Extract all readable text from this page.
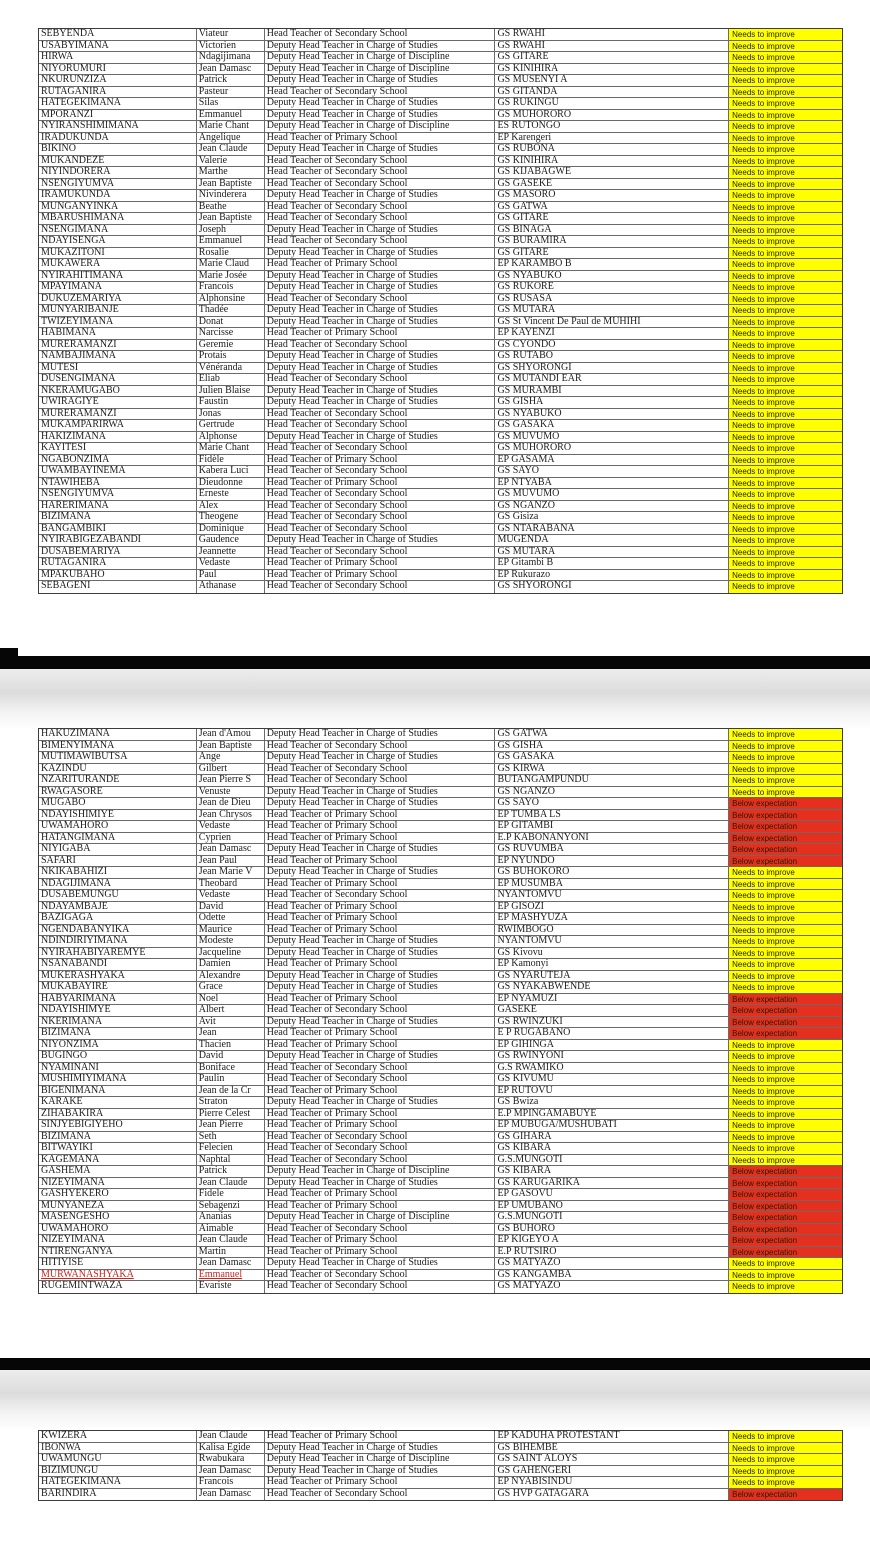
SEBYENDA	Viateur	Head Teacher of Secondary School	GS RWAHI	Needs to improve
USABYIMANA	Victorien	Deputy Head Teacher in Charge of Studies	GS RWAHI	Needs to improve
HIRWA	Ndagijimana	Deputy Head Teacher in Charge of Discipline	GS GITARE	Needs to improve
NIYORUMURI	Jean Damasc	Deputy Head Teacher in Charge of Discipline	GS KINIHIRA	Needs to improve
NKURUNZIZA	Patrick	Deputy Head Teacher in Charge of Studies	GS MUSENYI A	Needs to improve
RUTAGANIRA	Pasteur	Head Teacher of Secondary School	GS GITANDA	Needs to improve
HATEGEKIMANA	Silas	Deputy Head Teacher in Charge of Studies	GS RUKINGU	Needs to improve
MPORANZI	Emmanuel	Deputy Head Teacher in Charge of Studies	GS MUHORORO	Needs to improve
NYIRANSHIMIMANA	Marie Chant	Deputy Head Teacher in Charge of Discipline	ES RUTONGO	Needs to improve
IRADUKUNDA	Angelique	Head Teacher of Primary School	EP Karengeri	Needs to improve
BIKINO	Jean Claude	Deputy Head Teacher in Charge of Studies	GS RUBONA	Needs to improve
MUKANDEZE	Valerie	Head Teacher of Secondary School	GS KINIHIRA	Needs to improve
NIYINDORERA	Marthe	Head Teacher of Secondary School	GS KIJABAGWE	Needs to improve
NSENGIYUMVA	Jean Baptiste	Head Teacher of Secondary School	GS GASEKE	Needs to improve
IRAMUKUNDA	Nivinderera	Deputy Head Teacher in Charge of Studies	GS MASORO	Needs to improve
MUNGANYINKA	Beathe	Head Teacher of Secondary School	GS GATWA	Needs to improve
MBARUSHIMANA	Jean Baptiste	Head Teacher of Secondary School	GS GITARE	Needs to improve
NSENGIMANA	Joseph	Deputy Head Teacher in Charge of Studies	GS BINAGA	Needs to improve
NDAYISENGA	Emmanuel	Head Teacher of Secondary School	GS BURAMIRA	Needs to improve
MUKAZITONI	Rosalie	Deputy Head Teacher in Charge of Studies	GS GITARE	Needs to improve
MUKAWERA	Marie Claud	Head Teacher of Primary School	EP KARAMBO B	Needs to improve
NYIRAHITIMANA	Marie Josée	Deputy Head Teacher in Charge of Studies	GS NYABUKO	Needs to improve
MPAYIMANA	Francois	Deputy Head Teacher in Charge of Studies	GS RUKORE	Needs to improve
DUKUZEMARIYA	Alphonsine	Head Teacher of Secondary School	GS RUSASA	Needs to improve
MUNYARIBANJE	Thadée	Deputy Head Teacher in Charge of Studies	GS MUTARA	Needs to improve
TWIZEYIMANA	Donat	Deputy Head Teacher in Charge of Studies	GS St Vincent De Paul de MUHIHI	Needs to improve
HABIMANA	Narcisse	Head Teacher of Primary School	EP KAYENZI	Needs to improve
MURERAMANZI	Geremie	Head Teacher of Secondary School	GS CYONDO	Needs to improve
NAMBAJIMANA	Protais	Deputy Head Teacher in Charge of Studies	GS RUTABO	Needs to improve
MUTESI	Vénéranda	Deputy Head Teacher in Charge of Studies	GS SHYORONGI	Needs to improve
DUSENGIMANA	Eliab	Head Teacher of Secondary School	GS MUTANDI EAR	Needs to improve
NKERAMUGABO	Julien Blaise	Deputy Head Teacher in Charge of Studies	GS MURAMBI	Needs to improve
UWIRAGIYE	Faustin	Deputy Head Teacher in Charge of Studies	GS GISHA	Needs to improve
MURERAMANZI	Jonas	Head Teacher of Secondary School	GS NYABUKO	Needs to improve
MUKAMPARIRWA	Gertrude	Head Teacher of Secondary School	GS GASAKA	Needs to improve
HAKIZIMANA	Alphonse	Deputy Head Teacher in Charge of Studies	GS MUVUMO	Needs to improve
KAYITESI	Marie Chant	Head Teacher of Secondary School	GS MUHORORO	Needs to improve
NGABONZIMA	Fidèle	Head Teacher of Primary School	EP GASAMA	Needs to improve
UWAMBAYINEMA	Kabera Luci	Head Teacher of Secondary School	GS SAYO	Needs to improve
NTAWIHEBA	Dieudonne	Head Teacher of Primary School	EP NTYABA	Needs to improve
NSENGIYUMVA	Erneste	Head Teacher of Secondary School	GS MUVUMO	Needs to improve
HARERIMANA	Alex	Head Teacher of Secondary School	GS NGANZO	Needs to improve
BIZIMANA	Theogene	Head Teacher of Secondary School	GS Gisiza	Needs to improve
BANGAMBIKI	Dominique	Head Teacher of Secondary School	GS NTARABANA	Needs to improve
NYIRABIGEZABANDI	Gaudence	Deputy Head Teacher in Charge of Studies	MUGENDA	Needs to improve
DUSABEMARIYA	Jeannette	Head Teacher of Secondary School	GS MUTARA	Needs to improve
RUTAGANIRA	Vedaste	Head Teacher of Primary School	EP Gitambi B	Needs to improve
MPAKUBAHO	Paul	Head Teacher of Primary School	EP Rukurazo	Needs to improve
SEBAGENI	Athanase	Head Teacher of Secondary School	GS SHYORONGI	Needs to improve
HAKUZIMANA	Jean d'Amou	Deputy Head Teacher in Charge of Studies	GS GATWA	Needs to improve
BIMENYIMANA	Jean Baptiste	Head Teacher of Secondary School	GS GISHA	Needs to improve
MUTIMAWIBUTSA	Ange	Deputy Head Teacher in Charge of Studies	GS GASAKA	Needs to improve
KAZINDU	Gilbert	Head Teacher of Secondary School	GS KIRWA	Needs to improve
NZARITURANDE	Jean Pierre S	Head Teacher of Secondary School	BUTANGAMPUNDU	Needs to improve
RWAGASORE	Venuste	Deputy Head Teacher in Charge of Studies	GS NGANZO	Needs to improve
MUGABO	Jean de Dieu	Deputy Head Teacher in Charge of Studies	GS SAYO	Below expectation
NDAYISHIMIYE	Jean Chrysos	Head Teacher of Primary School	EP TUMBA LS	Below expectation
UWAMAHORO	Vedaste	Head Teacher of Primary School	EP GITAMBI	Below expectation
HATANGIMANA	Cyprien	Head Teacher of Primary School	E.P KABONANYONI	Below expectation
NIYIGABA	Jean Damasc	Deputy Head Teacher in Charge of Studies	GS RUVUMBA	Below expectation
SAFARI	Jean Paul	Head Teacher of Primary School	EP NYUNDO	Below expectation
NKIKABAHIZI	Jean Marie V	Deputy Head Teacher in Charge of Studies	GS BUHOKORO	Needs to improve
NDAGIJIMANA	Theobard	Head Teacher of Primary School	EP MUSUMBA	Needs to improve
DUSABEMUNGU	Vedaste	Head Teacher of Secondary School	NYANTOMVU	Needs to improve
NDAYAMBAJE	David	Head Teacher of Primary School	EP GISOZI	Needs to improve
BAZIGAGA	Odette	Head Teacher of Primary School	EP MASHYUZA	Needs to improve
NGENDABANYIKA	Maurice	Head Teacher of Primary School	RWIMBOGO	Needs to improve
NDINDIRIYIMANA	Modeste	Deputy Head Teacher in Charge of Studies	NYANTOMVU	Needs to improve
NYIRAHABIYAREMYE	Jacqueline	Deputy Head Teacher in Charge of Studies	GS Kivovu	Needs to improve
NSANABANDI	Damien	Head Teacher of Primary School	EP Kamonyi	Needs to improve
MUKERASHYAKA	Alexandre	Deputy Head Teacher in Charge of Studies	GS NYARUTEJA	Needs to improve
MUKABAYIRE	Grace	Deputy Head Teacher in Charge of Studies	GS NYAKABWENDE	Needs to improve
HABYARIMANA	Noel	Head Teacher of Primary School	EP NYAMUZI	Below expectation
NDAYISHIMYE	Albert	Head Teacher of Secondary School	GASEKE	Below expectation
NKERIMANA	Avit	Deputy Head Teacher in Charge of Studies	GS RWINZUKI	Below expectation
BIZIMANA	Jean	Head Teacher of Primary School	E P RUGABANO	Below expectation
NIYONZIMA	Thacien	Head Teacher of Primary School	EP GIHINGA	Needs to improve
BUGINGO	David	Deputy Head Teacher in Charge of Studies	GS RWINYONI	Needs to improve
NYAMINANI	Boniface	Head Teacher of Secondary School	G.S RWAMIKO	Needs to improve
MUSHIMIYIMANA	Paulin	Head Teacher of Secondary School	GS KIVUMU	Needs to improve
BIGENIMANA	Jean de la Cr	Head Teacher of Primary School	EP RUTOVU	Needs to improve
KARAKE	Straton	Deputy Head Teacher in Charge of Studies	GS Bwiza	Needs to improve
ZIHABAKIRA	Pierre Celest	Head Teacher of Primary School	E.P MPINGAMABUYE	Needs to improve
SINJYEBIGIYEHO	Jean Pierre	Head Teacher of Primary School	EP MUBUGA/MUSHUBATI	Needs to improve
BIZIMANA	Seth	Head Teacher of Secondary School	GS GIHARA	Needs to improve
BITWAYIKI	Felecien	Head Teacher of Secondary School	GS KIBARA	Needs to improve
KAGEMANA	Naphtal	Head Teacher of Secondary School	G.S.MUNGOTI	Needs to improve
GASHEMA	Patrick	Deputy Head Teacher in Charge of Discipline	GS KIBARA	Below expectation
NIZEYIMANA	Jean Claude	Deputy Head Teacher in Charge of Studies	GS KARUGARIKA	Below expectation
GASHYEKERO	Fidele	Head Teacher of Primary School	EP GASOVU	Below expectation
MUNYANEZA	Sebagenzi	Head Teacher of Primary School	EP UMUBANO	Below expectation
MASENGESHO	Ananias	Deputy Head Teacher in Charge of Discipline	G.S.MUNGOTI	Below expectation
UWAMAHORO	Aimable	Head Teacher of Secondary School	GS BUHORO	Below expectation
NIZEYIMANA	Jean Claude	Head Teacher of Primary School	EP KIGEYO A	Below expectation
NTIRENGANYA	Martin	Head Teacher of Primary School	E.P RUTSIRO	Below expectation
HITIYISE	Jean Damasc	Deputy Head Teacher in Charge of Studies	GS MATYAZO	Needs to improve
MURWANASHYAKA	Emmanuel	Head Teacher of Secondary School	GS KANGAMBA	Needs to improve
RUGEMINTWAZA	Evariste	Head Teacher of Secondary School	GS MATYAZO	Needs to improve
KWIZERA	Jean Claude	Head Teacher of Primary School	EP KADUHA PROTESTANT	Needs to improve
IBONWA	Kalisa Egide	Deputy Head Teacher in Charge of Studies	GS BIHEMBE	Needs to improve
UWAMUNGU	Rwabukara	Deputy Head Teacher in Charge of Discipline	GS SAINT ALOYS	Needs to improve
BIZIMUNGU	Jean Damasc	Deputy Head Teacher in Charge of Studies	GS GAHENGERI	Needs to improve
HATEGEKIMANA	Francois	Head Teacher of Primary School	EP NYABISINDU	Needs to improve
BARINDIRA	Jean Damasc	Head Teacher of Secondary School	GS HVP GATAGARA	Below expectation
